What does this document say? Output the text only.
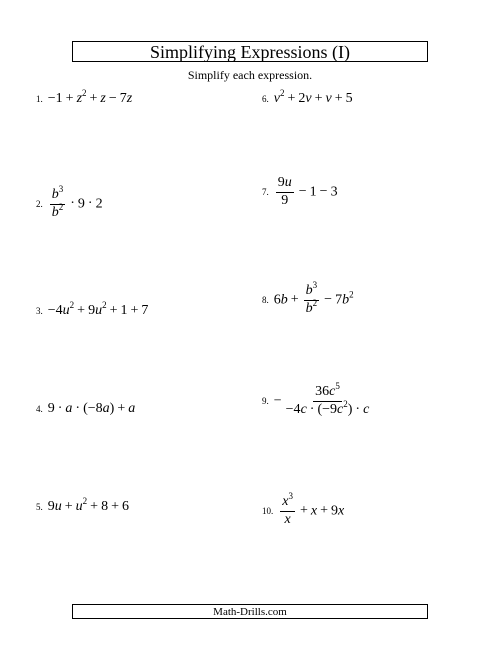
Simplifying Expressions (I)
Simplify each expression.
1. $-1 + z^2 + z - 7z$
2. $\frac{b^3}{b^2} \cdot 9 \cdot 2$
3. $-4u^2 + 9u^2 + 1 + 7$
4. 9 · a · (−8a) + a
5. $9u + u^2 + 8 + 6$
6. $v^2 + 2v + v + 5$
7. $\frac{9u}{9} - 1 - 3$
8. $6b + \frac{b^3}{b^2} - 7b^2$
9. − $\frac{36c^5}{-4c \cdot (-9c^2) \cdot c}$
10. $\frac{x^3}{x} + x + 9x$
Math-Drills.com
